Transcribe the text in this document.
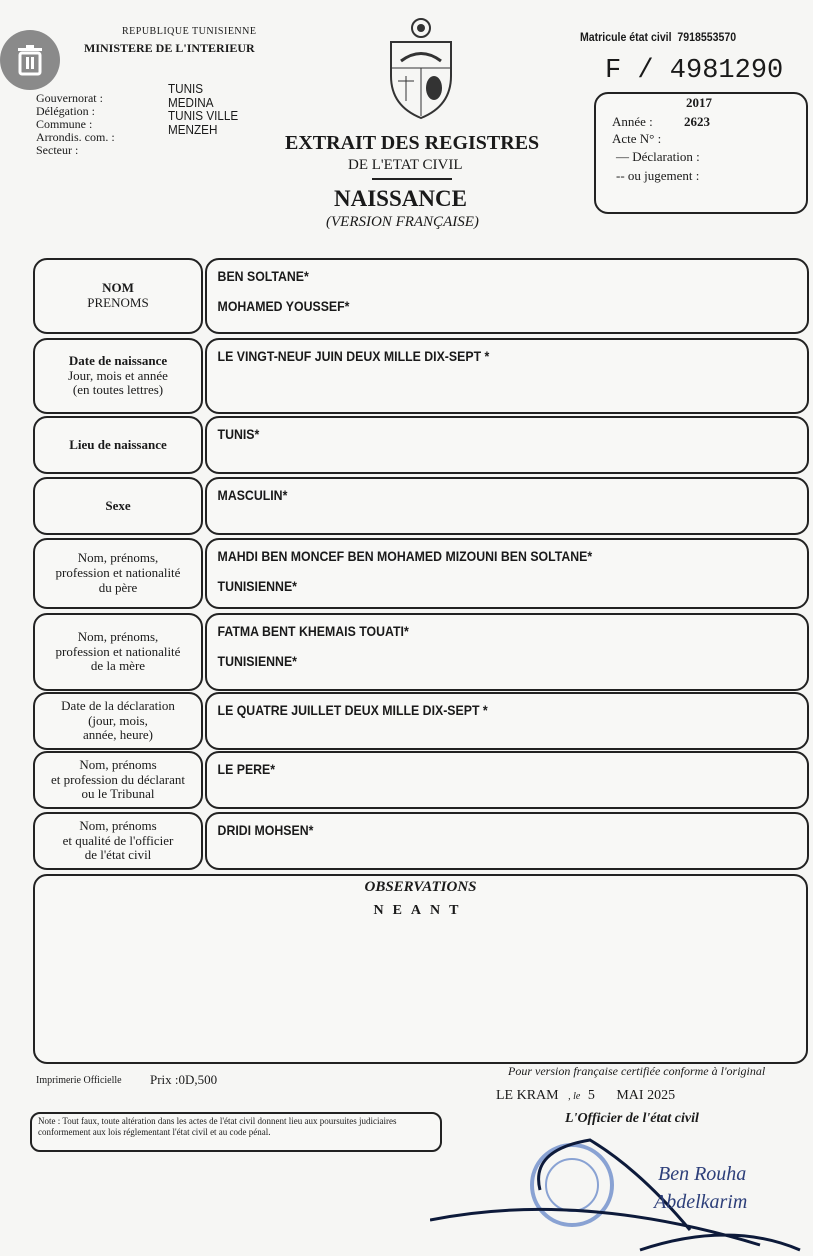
REPUBLIQUE TUNISIENNE
MINISTERE DE L'INTERIEUR
Gouvernorat :
Délégation :
Commune :
Arrondis. com. :
Secteur :
TUNIS
MEDINA
TUNIS VILLE
MENZEH
Matricule état civil 7918553570
F / 4981290
EXTRAIT DES REGISTRES
DE L'ETAT CIVIL
NAISSANCE
(VERSION FRANÇAISE)
2017
Année : 2623
Acte N° :
— Déclaration :
-- ou jugement :
NOM
PRENOMS
BEN SOLTANE*
MOHAMED YOUSSEF*
Date de naissance
Jour, mois et année
(en toutes lettres)
LE VINGT-NEUF JUIN DEUX MILLE DIX-SEPT *
Lieu de naissance
TUNIS*
Sexe
MASCULIN*
Nom, prénoms,
profession et nationalité
du père
MAHDI BEN MONCEF BEN MOHAMED MIZOUNI BEN SOLTANE*
TUNISIENNE*
Nom, prénoms,
profession et nationalité
de la mère
FATMA BENT KHEMAIS TOUATI*
TUNISIENNE*
Date de la déclaration
(jour, mois,
année, heure)
LE QUATRE JUILLET DEUX MILLE DIX-SEPT *
Nom, prénoms
et profession du déclarant
ou le Tribunal
LE PERE*
Nom, prénoms
et qualité de l'officier
de l'état civil
DRIDI MOHSEN*
OBSERVATIONS
NEANT
Imprimerie Officielle Prix :0D,500
Note : Tout faux, toute altération dans les actes de l'état civil donnent lieu aux poursuites judiciaires conformement aux lois réglementant l'état civil et au code pénal.
Pour version française certifiée conforme à l'original
LE KRAM , le 5 MAI 2025
L'Officier de l'état civil
Ben Rouha
Abdelkarim
